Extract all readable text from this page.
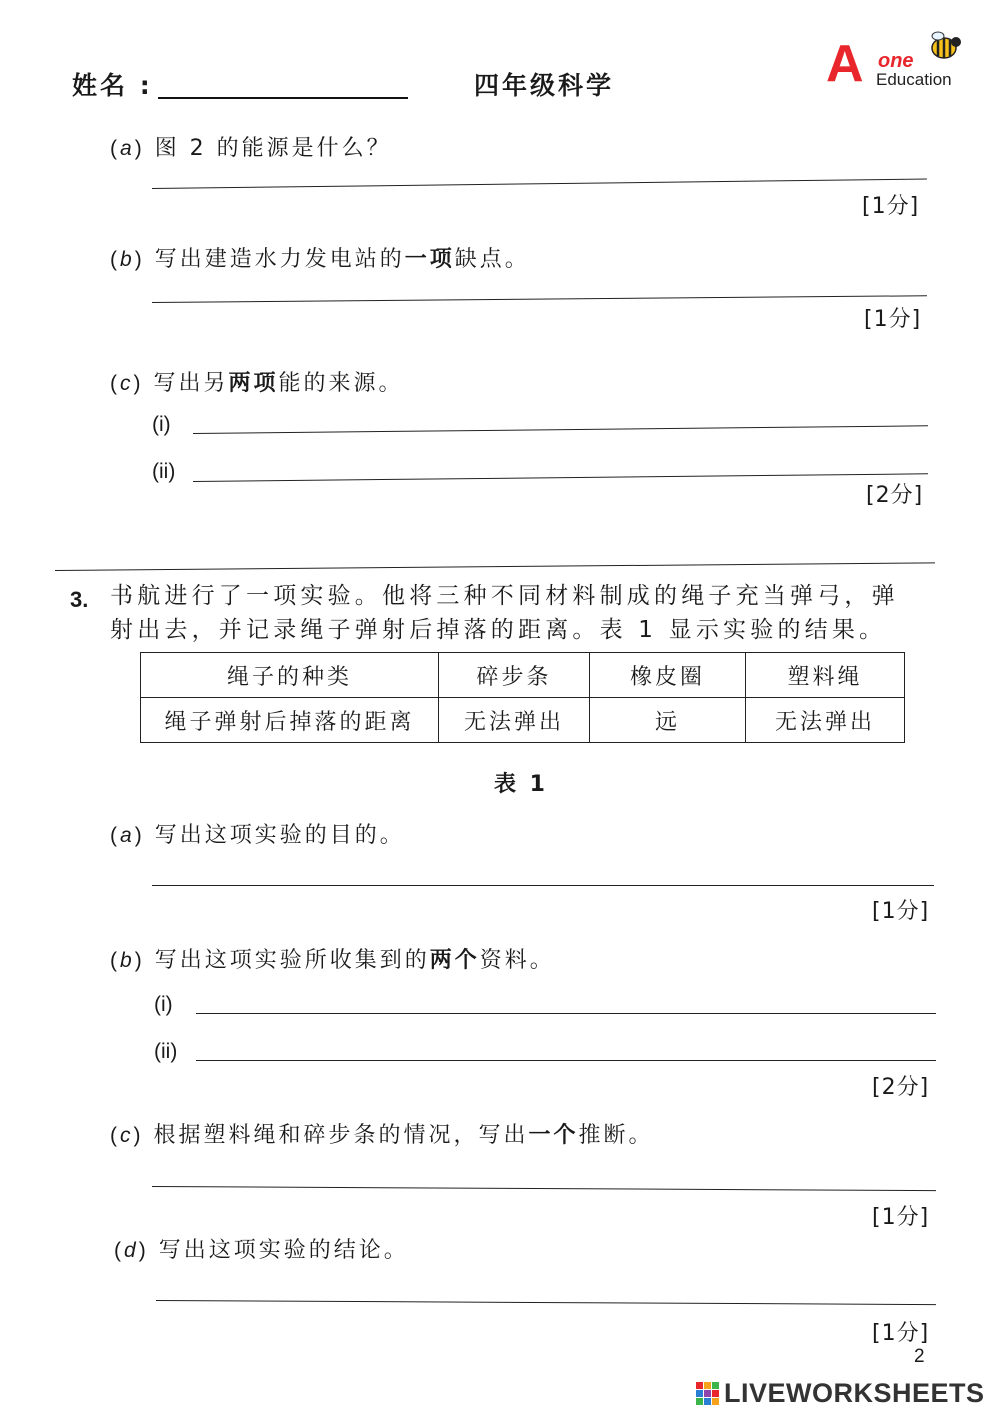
姓名 :	四年级科学	A one
Education
(a) 图 2 的能源是什么？
[1分]
(b) 写出建造水力发电站的一项缺点。
[1分]
(c) 写出另两项能的来源。
(i)
(ii)
[2分]
3. 书航进行了一项实验。他将三种不同材料制成的绳子充当弹弓，弹
射出去，并记录绳子弹射后掉落的距离。表 1 显示实验的结果。
绳子的种类	碎步条	橡皮圈	塑料绳
绳子弹射后掉落的距离	无法弹出	远	无法弹出
表 1
(a) 写出这项实验的目的。
[1分]
(b) 写出这项实验所收集到的两个资料。
(i)
(ii)
[2分]
(c) 根据塑料绳和碎步条的情况，写出一个推断。
[1分]
(d) 写出这项实验的结论。
[1分]
2
LIVEWORKSHEETS
